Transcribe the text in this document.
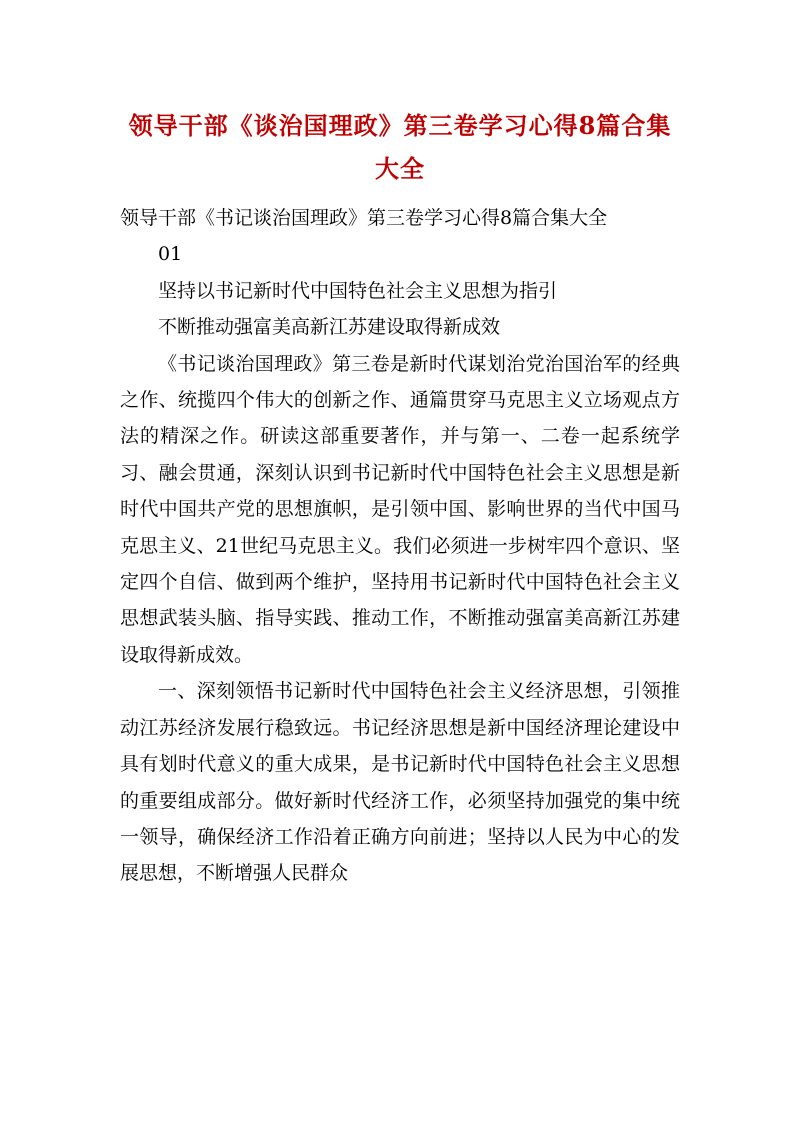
领导干部《谈治国理政》第三卷学习心得8篇合集大全

领导干部《书记谈治国理政》第三卷学习心得8篇合集大全

01

坚持以书记新时代中国特色社会主义思想为指引

不断推动强富美高新江苏建设取得新成效

《书记谈治国理政》第三卷是新时代谋划治党治国治军的经典之作、统揽四个伟大的创新之作、通篇贯穿马克思主义立场观点方法的精深之作。研读这部重要著作，并与第一、二卷一起系统学习、融会贯通，深刻认识到书记新时代中国特色社会主义思想是新时代中国共产党的思想旗帜，是引领中国、影响世界的当代中国马克思主义、21世纪马克思主义。我们必须进一步树牢四个意识、坚定四个自信、做到两个维护，坚持用书记新时代中国特色社会主义思想武装头脑、指导实践、推动工作，不断推动强富美高新江苏建设取得新成效。

一、深刻领悟书记新时代中国特色社会主义经济思想，引领推动江苏经济发展行稳致远。书记经济思想是新中国经济理论建设中具有划时代意义的重大成果，是书记新时代中国特色社会主义思想的重要组成部分。做好新时代经济工作，必须坚持加强党的集中统一领导，确保经济工作沿着正确方向前进；坚持以人民为中心的发展思想，不断增强人民群众
